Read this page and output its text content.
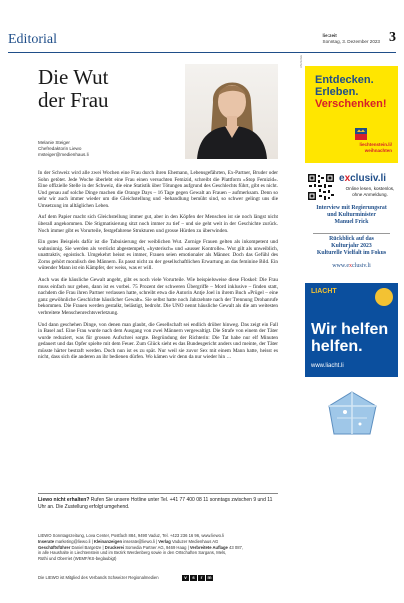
Editorial	lie:zeit
Sonntag, 3. Dezember 2023 3
Die Wut
der Frau
Melanie Steiger
Chefredaktorin Liewo
msteiger@medienhaus.li

In der Schweiz wird alle zwei Wochen eine Frau durch ihren Ehemann, Lebensgefährten, Ex-Partner, Bruder oder Sohn getötet. Jede Woche überlebt eine Frau einen versuchten Femizid, schreibt die Plattform «Stop Femizid». Eine offizielle Stelle in der Schweiz, die eine Statistik über Tötungen aufgrund des Geschlechts führt, gibt es nicht. Und genau auf solche Dinge machen die Orange Days – 16 Tage gegen Gewalt an Frauen – aufmerksam. Denn so sehr wir auch immer wieder um die Gleichstellung und -behandlung bemüht sind, so schwer gelingt uns die Umsetzung im alltäglichen Leben.

Auf dem Papier macht sich Gleichstellung immer gut, aber in den Köpfen der Menschen ist sie noch längst nicht überall angekommen. Die Stigmatisierung sitzt noch immer zu tief – und sie geht weit in der Geschichte zurück. Noch immer gibt es Vorurteile, festgefahrene Strukturen und grosse Hürden zu überwinden.

Ein gutes Beispiels dafür ist die Tabuisierung der weiblichen Wut. Zornige Frauen gelten als inkompetent und wahnsinnig. Sie werden als verrückt abgestempelt, «hysterisch» und «ausser Kontrolle». Wut gilt als unweiblich, unattraktiv, egoistisch. Umgekehrt heisst es immer, Frauen seien emotionaler als Männer. Doch das Gefühl des Zorns gehört moralisch den Männern. Es passt nicht zu der gesellschaftlichen Erwartung an das feminine Bild. Ein wütender Mann ist ein Kämpfer, der weiss, was er will.

Auch was die häusliche Gewalt angeht, gibt es noch viele Vorurteile. Wie beispielsweise diese Floskel: Die Frau muss einfach nur gehen, dann ist es vorbei. 75 Prozent der schweren Übergriffe – Mord inklusive – finden statt, nachdem die Frau ihren Partner verlassen hatte, schreibt etwa die Autorin Antje Joel in ihrem Buch «Prügel – eine ganz gewöhnliche Geschichte häuslicher Gewalt». Sie selbst hatte noch Jahrzehnte nach der Trennung Drohanrufe bekommen. Die Frauen werden gestalkt, belästigt, bedroht. Die UNO nennt häusliche Gewalt als die am weitesten verbreitete Menschenrechtsverletzung.

Und dann geschehen Dinge, von denen man glaubt, die Gesellschaft sei endlich drüber hinweg. Das zeigt ein Fall in Basel auf. Eine Frau wurde nach dem Ausgang von zwei Männern vergewaltigt. Die Strafe von einem der Täter wurde reduziert, was für grossen Aufschrei sorgte. Begründung der Richterin: Die Tat habe nur elf Minuten gedauert und das Opfer spielte mit dem Feuer. Zum Glück sieht es das Bundesgericht anders und meinte, der Täter müsste härter bestraft werden. Doch nun ist es zu spät. Nur weil sie zuvor Sex mit einem Mann hatte, heisst es nicht, dass sich die anderen an ihr bedienen dürfen. Wo kämen wir denn da nur wieder hin …

Liewo nicht erhalten? Rufen Sie unsere Hotline unter Tel. +41 77 400 08 11 sonntags zwischen 9 und 11 Uhr an. Die Zustellung erfolgt umgehend.
LIEWO Sonntagszeitung, Lova Center, Postfach 884, 9490 Vaduz, Tel. +423 236 16 96, www.liewo.li
Inserate marketing@liewo.li | Kleinanzeigen inserate@liewo.li | Verlag Vaduzer Medienhaus AG
Geschäftsführer Daniel Bargetze | Druckerei Somedia Partner AG, 9469 Haag | Verbreitete Auflage 43 087,
in alle Haushalte in Liechtenstein und im Bezirk Werdenberg sowie in den Ortschaften Sargans, Mels,
Rüthi und Oberriet (WEMF/KS-beglaubigt)
Die LIEWO ist Mitglied des Verbands Schweizer Regionalmedien	v	s	r	m
ANZEIGE
Entdecken.
Erleben.
Verschenken!
liechtenstein.li/
weihnachten
exclusiv.li
Online lesen, kostenlos,
ohne Anmeldung.
Interview mit Regierungsrat
und Kulturminister
Manuel Frick
Rückblick auf das
Kulturjahr 2023
Kulturelle Vielfalt im Fokus
www.exclusiv.li
LIACHT
Wir helfen
helfen.
www.liacht.li
